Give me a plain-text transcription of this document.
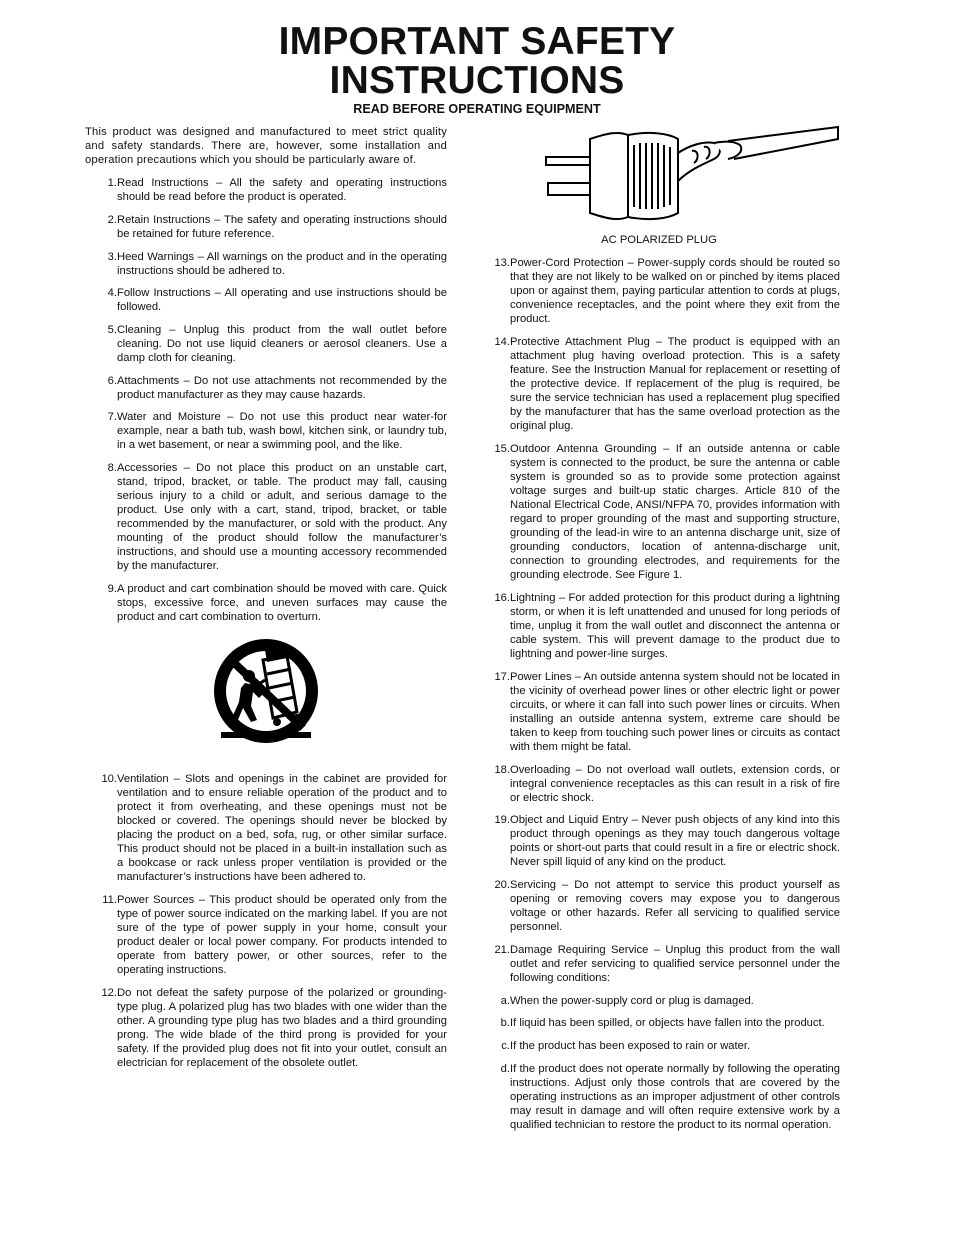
IMPORTANT SAFETY
INSTRUCTIONS
READ BEFORE OPERATING EQUIPMENT

This product was designed and manufactured to meet strict quality and safety standards. There are, however, some installation and operation precautions which you should be particularly aware of.

1. Read Instructions – All the safety and operating instructions should be read before the product is operated.
2. Retain Instructions – The safety and operating instructions should be retained for future reference.
3. Heed Warnings – All warnings on the product and in the operating instructions should be adhered to.
4. Follow Instructions – All operating and use instructions should be followed.
5. Cleaning – Unplug this product from the wall outlet before cleaning. Do not use liquid cleaners or aerosol cleaners. Use a damp cloth for cleaning.
6. Attachments – Do not use attachments not recommended by the product manufacturer as they may cause hazards.
7. Water and Moisture – Do not use this product near water-for example, near a bath tub, wash bowl, kitchen sink, or laundry tub, in a wet basement, or near a swimming pool, and the like.
8. Accessories – Do not place this product on an unstable cart, stand, tripod, bracket, or table. The product may fall, causing serious injury to a child or adult, and serious damage to the product. Use only with a cart, stand, tripod, bracket, or table recommended by the manufacturer, or sold with the product. Any mounting of the product should follow the manufacturer’s instructions, and should use a mounting accessory recommended by the manufacturer.
9. A product and cart combination should be moved with care. Quick stops, excessive force, and uneven surfaces may cause the product and cart combination to overturn.
10. Ventilation – Slots and openings in the cabinet are provided for ventilation and to ensure reliable operation of the product and to protect it from overheating, and these openings must not be blocked or covered. The openings should never be blocked by placing the product on a bed, sofa, rug, or other similar surface. This product should not be placed in a built-in installation such as a bookcase or rack unless proper ventilation is provided or the manufacturer’s instructions have been adhered to.
11. Power Sources – This product should be operated only from the type of power source indicated on the marking label. If you are not sure of the type of power supply in your home, consult your product dealer or local power company. For products intended to operate from battery power, or other sources, refer to the operating instructions.
12. Do not defeat the safety purpose of the polarized or grounding-type plug. A polarized plug has two blades with one wider than the other. A grounding type plug has two blades and a third grounding prong. The wide blade of the third prong is provided for your safety. If the provided plug does not fit into your outlet, consult an electrician for replacement of the obsolete outlet.

AC POLARIZED PLUG

13. Power-Cord Protection – Power-supply cords should be routed so that they are not likely to be walked on or pinched by items placed upon or against them, paying particular attention to cords at plugs, convenience receptacles, and the point where they exit from the product.
14. Protective Attachment Plug – The product is equipped with an attachment plug having overload protection. This is a safety feature. See the Instruction Manual for replacement or resetting of the protective device. If replacement of the plug is required, be sure the service technician has used a replacement plug specified by the manufacturer that has the same overload protection as the original plug.
15. Outdoor Antenna Grounding – If an outside antenna or cable system is connected to the product, be sure the antenna or cable system is grounded so as to provide some protection against voltage surges and built-up static charges. Article 810 of the National Electrical Code, ANSI/NFPA 70, provides information with regard to proper grounding of the mast and supporting structure, grounding of the lead-in wire to an antenna discharge unit, size of grounding conductors, location of antenna-discharge unit, connection to grounding electrodes, and requirements for the grounding electrode. See Figure 1.
16. Lightning – For added protection for this product during a lightning storm, or when it is left unattended and unused for long periods of time, unplug it from the wall outlet and disconnect the antenna or cable system. This will prevent damage to the product due to lightning and power-line surges.
17. Power Lines – An outside antenna system should not be located in the vicinity of overhead power lines or other electric light or power circuits, or where it can fall into such power lines or circuits. When installing an outside antenna system, extreme care should be taken to keep from touching such power lines or circuits as contact with them might be fatal.
18. Overloading – Do not overload wall outlets, extension cords, or integral convenience receptacles as this can result in a risk of fire or electric shock.
19. Object and Liquid Entry – Never push objects of any kind into this product through openings as they may touch dangerous voltage points or short-out parts that could result in a fire or electric shock. Never spill liquid of any kind on the product.
20. Servicing – Do not attempt to service this product yourself as opening or removing covers may expose you to dangerous voltage or other hazards. Refer all servicing to qualified service personnel.
21. Damage Requiring Service – Unplug this product from the wall outlet and refer servicing to qualified service personnel under the following conditions:
a. When the power-supply cord or plug is damaged.
b. If liquid has been spilled, or objects have fallen into the product.
c. If the product has been exposed to rain or water.
d. If the product does not operate normally by following the operating instructions. Adjust only those controls that are covered by the operating instructions as an improper adjustment of other controls may result in damage and will often require extensive work by a qualified technician to restore the product to its normal operation.
